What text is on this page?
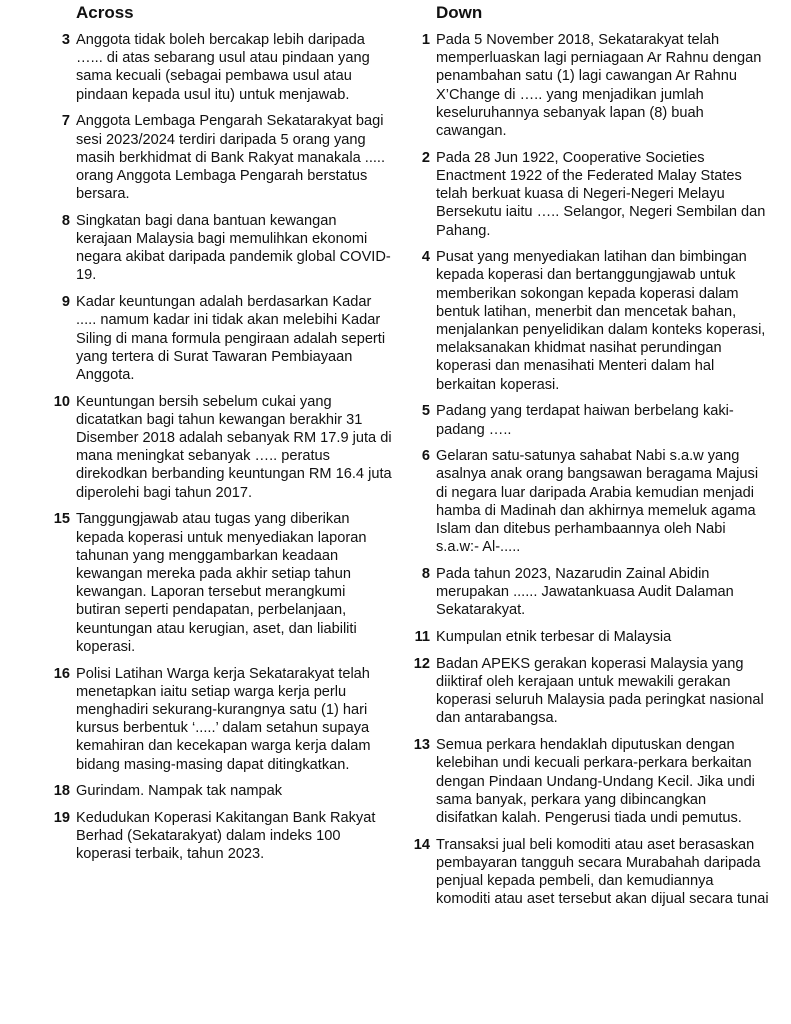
Across
3 Anggota tidak boleh bercakap lebih daripada …... di atas sebarang usul atau pindaan yang sama kecuali (sebagai pembawa usul atau pindaan kepada usul itu) untuk menjawab.
7 Anggota Lembaga Pengarah Sekatarakyat bagi sesi 2023/2024 terdiri daripada 5 orang yang masih berkhidmat di Bank Rakyat manakala ..... orang Anggota Lembaga Pengarah berstatus bersara.
8 Singkatan bagi dana bantuan kewangan kerajaan Malaysia bagi memulihkan ekonomi negara akibat daripada pandemik global COVID-19.
9 Kadar keuntungan adalah berdasarkan Kadar ..... namum kadar ini tidak akan melebihi Kadar Siling di mana formula pengiraan adalah seperti yang tertera di Surat Tawaran Pembiayaan Anggota.
10 Keuntungan bersih sebelum cukai yang dicatatkan bagi tahun kewangan berakhir 31 Disember 2018 adalah sebanyak RM 17.9 juta di mana meningkat sebanyak ….. peratus direkodkan berbanding keuntungan RM 16.4 juta diperolehi bagi tahun 2017.
15 Tanggungjawab atau tugas yang diberikan kepada koperasi untuk menyediakan laporan tahunan yang menggambarkan keadaan kewangan mereka pada akhir setiap tahun kewangan. Laporan tersebut merangkumi butiran seperti pendapatan, perbelanjaan, keuntungan atau kerugian, aset, dan liabiliti koperasi.
16 Polisi Latihan Warga kerja Sekatarakyat telah menetapkan iaitu setiap warga kerja perlu menghadiri sekurang-kurangnya satu (1) hari kursus berbentuk ‘.....’ dalam setahun supaya kemahiran dan kecekapan warga kerja dalam bidang masing-masing dapat ditingkatkan.
18 Gurindam. Nampak tak nampak
19 Kedudukan Koperasi Kakitangan Bank Rakyat Berhad (Sekatarakyat) dalam indeks 100 koperasi terbaik, tahun 2023.
Down
1 Pada 5 November 2018, Sekatarakyat telah memperluaskan lagi perniagaan Ar Rahnu dengan penambahan satu (1) lagi cawangan Ar Rahnu X’Change di ….. yang menjadikan jumlah keseluruhannya sebanyak lapan (8) buah cawangan.
2 Pada 28 Jun 1922, Cooperative Societies Enactment 1922 of the Federated Malay States telah berkuat kuasa di Negeri-Negeri Melayu Bersekutu iaitu ….. Selangor, Negeri Sembilan dan Pahang.
4 Pusat yang menyediakan latihan dan bimbingan kepada koperasi dan bertanggungjawab untuk memberikan sokongan kepada koperasi dalam bentuk latihan, menerbit dan mencetak bahan, menjalankan penyelidikan dalam konteks koperasi, melaksanakan khidmat nasihat perundingan koperasi dan menasihati Menteri dalam hal berkaitan koperasi.
5 Padang yang terdapat haiwan berbelang kaki- padang …..
6 Gelaran satu-satunya sahabat Nabi s.a.w yang asalnya anak orang bangsawan beragama Majusi di negara luar daripada Arabia kemudian menjadi hamba di Madinah dan akhirnya memeluk agama Islam dan ditebus perhambaannya oleh Nabi s.a.w:- Al-.....
8 Pada tahun 2023, Nazarudin Zainal Abidin merupakan ...... Jawatankuasa Audit Dalaman Sekatarakyat.
11 Kumpulan etnik terbesar di Malaysia
12 Badan APEKS gerakan koperasi Malaysia yang diiktiraf oleh kerajaan untuk mewakili gerakan koperasi seluruh Malaysia pada peringkat nasional dan antarabangsa.
13 Semua perkara hendaklah diputuskan dengan kelebihan undi kecuali perkara-perkara berkaitan dengan Pindaan Undang-Undang Kecil. Jika undi sama banyak, perkara yang dibincangkan disifatkan kalah. Pengerusi tiada undi pemutus.
14 Transaksi jual beli komoditi atau aset berasaskan pembayaran tangguh secara Murabahah daripada penjual kepada pembeli, dan kemudiannya komoditi atau aset tersebut akan dijual secara tunai
